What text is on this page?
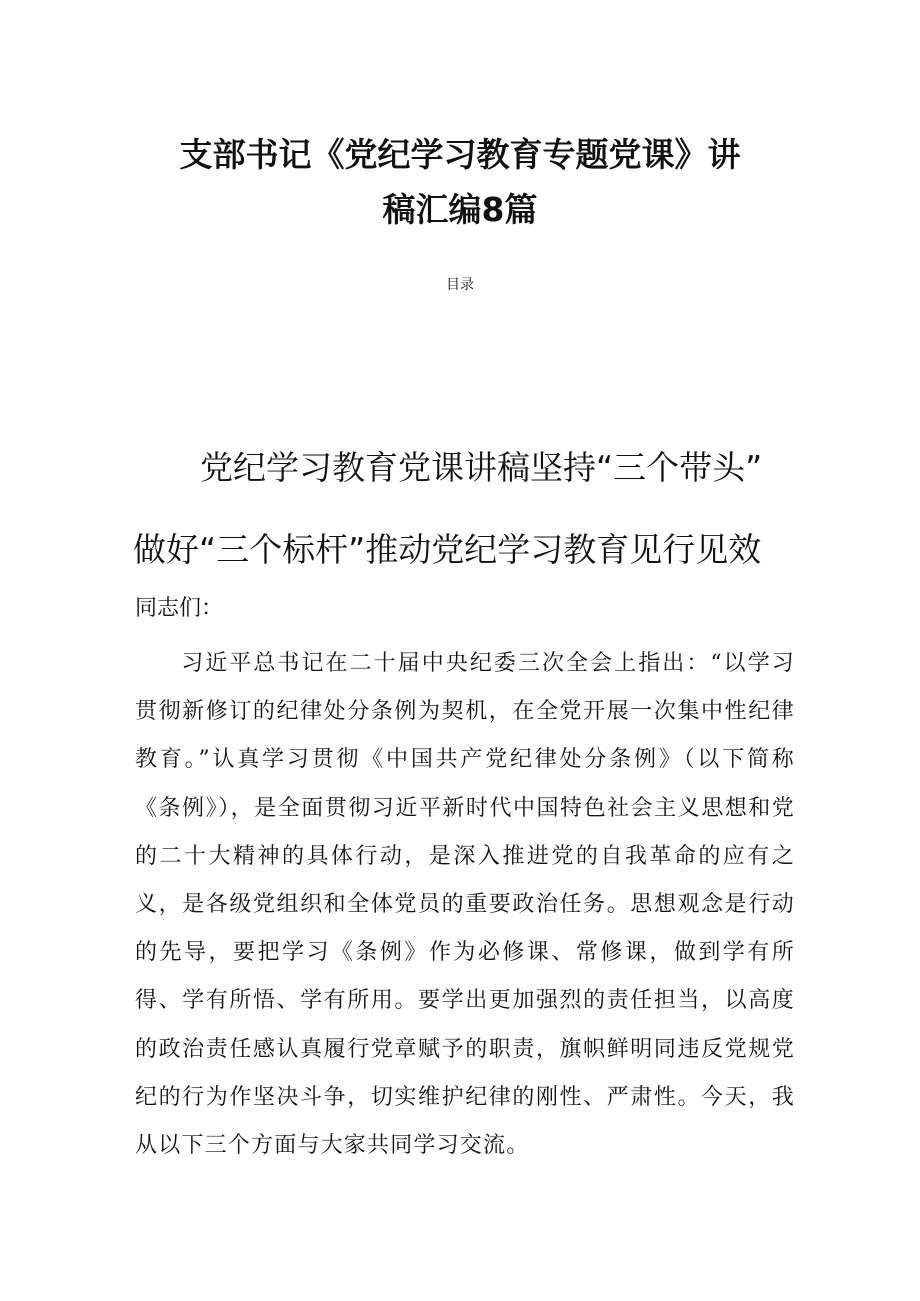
支部书记《党纪学习教育专题党课》讲
稿汇编8篇
目录
党纪学习教育党课讲稿坚持“三个带头”
做好“三个标杆”推动党纪学习教育见行见效
同志们：

习近平总书记在二十届中央纪委三次全会上指出：“以学习贯彻新修订的纪律处分条例为契机，在全党开展一次集中性纪律教育。”认真学习贯彻《中国共产党纪律处分条例》（以下简称《条例》），是全面贯彻习近平新时代中国特色社会主义思想和党的二十大精神的具体行动，是深入推进党的自我革命的应有之义，是各级党组织和全体党员的重要政治任务。思想观念是行动的先导，要把学习《条例》作为必修课、常修课，做到学有所得、学有所悟、学有所用。要学出更加强烈的责任担当，以高度的政治责任感认真履行党章赋予的职责，旗帜鲜明同违反党规党纪的行为作坚决斗争，切实维护纪律的刚性、严肃性。今天，我从以下三个方面与大家共同学习交流。
